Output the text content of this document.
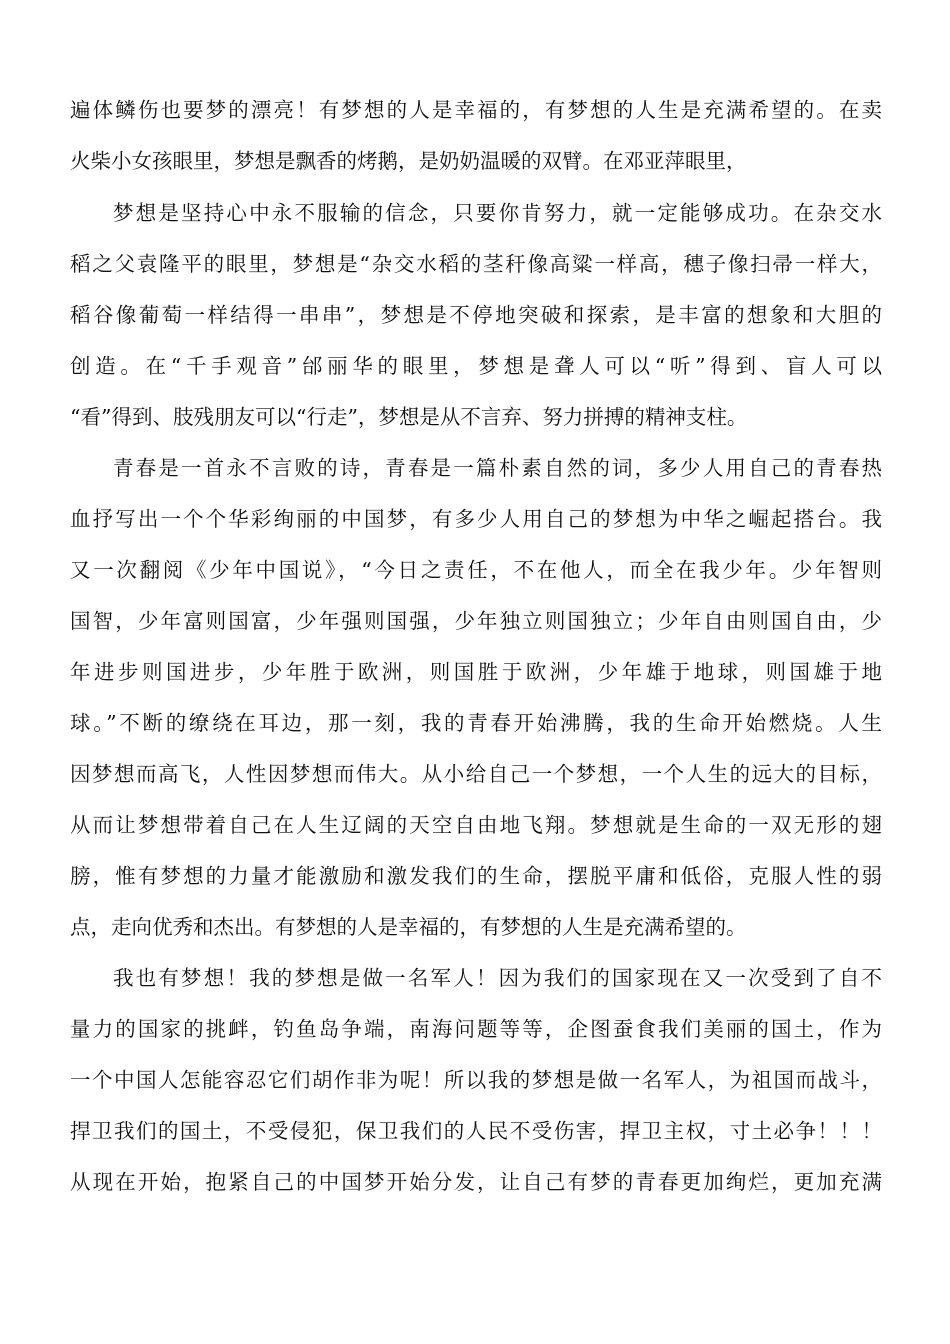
遍体鳞伤也要梦的漂亮！有梦想的人是幸福的，有梦想的人生是充满希望的。在卖
火柴小女孩眼里，梦想是飘香的烤鹅，是奶奶温暖的双臂。在邓亚萍眼里，
梦想是坚持心中永不服输的信念，只要你肯努力，就一定能够成功。在杂交水
稻之父袁隆平的眼里，梦想是“杂交水稻的茎秆像高粱一样高，穗子像扫帚一样大，
稻谷像葡萄一样结得一串串”，梦想是不停地突破和探索，是丰富的想象和大胆的
创造。在“千手观音”邰丽华的眼里，梦想是聋人可以“听”得到、盲人可以
“看”得到、肢残朋友可以“行走”，梦想是从不言弃、努力拼搏的精神支柱。
青春是一首永不言败的诗，青春是一篇朴素自然的词，多少人用自己的青春热
血抒写出一个个华彩绚丽的中国梦，有多少人用自己的梦想为中华之崛起搭台。我
又一次翻阅《少年中国说》，“今日之责任，不在他人，而全在我少年。少年智则
国智，少年富则国富，少年强则国强，少年独立则国独立；少年自由则国自由，少
年进步则国进步，少年胜于欧洲，则国胜于欧洲，少年雄于地球，则国雄于地
球。”不断的缭绕在耳边，那一刻，我的青春开始沸腾，我的生命开始燃烧。人生
因梦想而高飞，人性因梦想而伟大。从小给自己一个梦想，一个人生的远大的目标，
从而让梦想带着自己在人生辽阔的天空自由地飞翔。梦想就是生命的一双无形的翅
膀，惟有梦想的力量才能激励和激发我们的生命，摆脱平庸和低俗，克服人性的弱
点，走向优秀和杰出。有梦想的人是幸福的，有梦想的人生是充满希望的。
我也有梦想！我的梦想是做一名军人！因为我们的国家现在又一次受到了自不
量力的国家的挑衅，钓鱼岛争端，南海问题等等，企图蚕食我们美丽的国土，作为
一个中国人怎能容忍它们胡作非为呢！所以我的梦想是做一名军人，为祖国而战斗，
捍卫我们的国土，不受侵犯，保卫我们的人民不受伤害，捍卫主权，寸土必争！！！
从现在开始，抱紧自己的中国梦开始分发，让自己有梦的青春更加绚烂，更加充满
